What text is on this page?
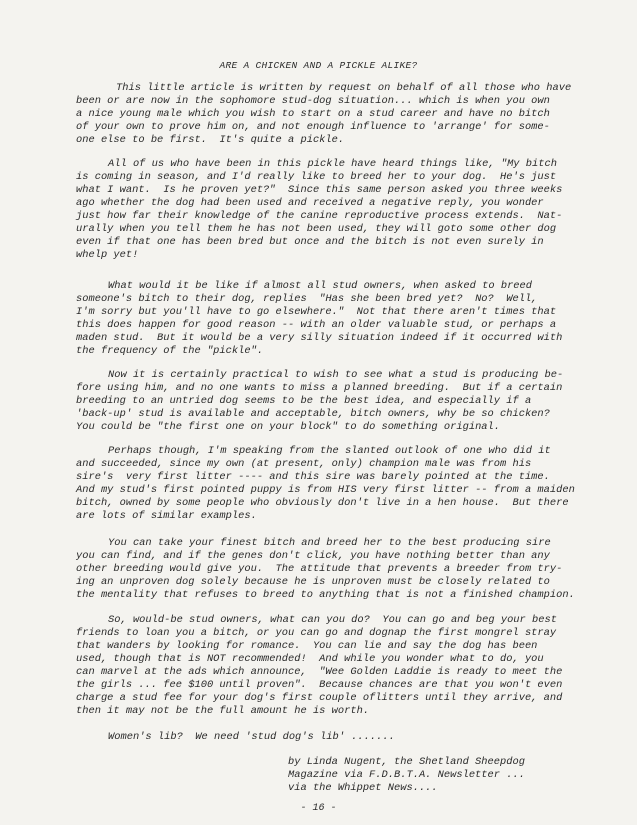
ARE A CHICKEN AND A PICKLE ALIKE?
This little article is written by request on behalf of all those who have
been or are now in the sophomore stud-dog situation... which is when you own
a nice young male which you wish to start on a stud career and have no bitch
of your own to prove him on, and not enough influence to 'arrange' for some-
one else to be first.  It's quite a pickle.
All of us who have been in this pickle have heard things like, "My bitch
is coming in season, and I'd really like to breed her to your dog.  He's just
what I want.  Is he proven yet?"  Since this same person asked you three weeks
ago whether the dog had been used and received a negative reply, you wonder
just how far their knowledge of the canine reproductive process extends.  Nat-
urally when you tell them he has not been used, they will goto some other dog
even if that one has been bred but once and the bitch is not even surely in
whelp yet!
What would it be like if almost all stud owners, when asked to breed
someone's bitch to their dog, replies  "Has she been bred yet?  No?  Well,
I'm sorry but you'll have to go elsewhere."  Not that there aren't times that
this does happen for good reason -- with an older valuable stud, or perhaps a
maden stud.  But it would be a very silly situation indeed if it occurred with
the frequency of the "pickle".
Now it is certainly practical to wish to see what a stud is producing be-
fore using him, and no one wants to miss a planned breeding.  But if a certain
breeding to an untried dog seems to be the best idea, and especially if a
'back-up' stud is available and acceptable, bitch owners, why be so chicken?
You could be "the first one on your block" to do something original.
Perhaps though, I'm speaking from the slanted outlook of one who did it
and succeeded, since my own (at present, only) champion male was from his
sire's  very first litter ---- and this sire was barely pointed at the time.
And my stud's first pointed puppy is from HIS very first litter -- from a maiden
bitch, owned by some people who obviously don't live in a hen house.  But there
are lots of similar examples.
You can take your finest bitch and breed her to the best producing sire
you can find, and if the genes don't click, you have nothing better than any
other breeding would give you.  The attitude that prevents a breeder from try-
ing an unproven dog solely because he is unproven must be closely related to
the mentality that refuses to breed to anything that is not a finished champion.
So, would-be stud owners, what can you do?  You can go and beg your best
friends to loan you a bitch, or you can go and dognap the first mongrel stray
that wanders by looking for romance.  You can lie and say the dog has been
used, though that is NOT recommended!  And while you wonder what to do, you
can marvel at the ads which announce,  "Wee Golden Laddie is ready to meet the
the girls ... fee $100 until proven".  Because chances are that you won't even
charge a stud fee for your dog's first couple oflitters until they arrive, and
then it may not be the full amount he is worth.
Women's lib?  We need 'stud dog's lib' .......
by Linda Nugent, the Shetland Sheepdog
Magazine via F.D.B.T.A. Newsletter ...
via the Whippet News....
- 16 -
